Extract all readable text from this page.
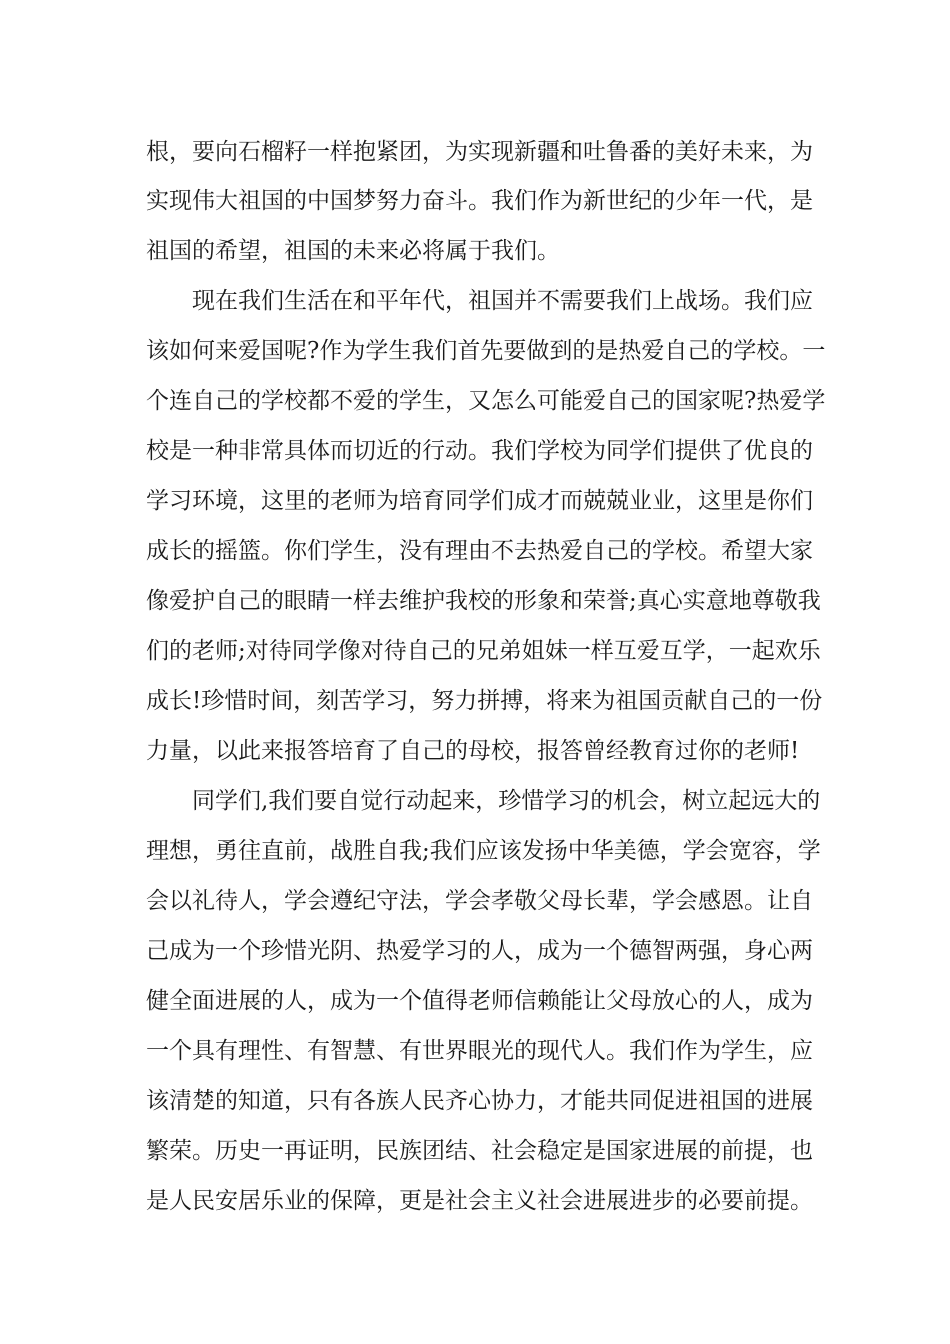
根，要向石榴籽一样抱紧团，为实现新疆和吐鲁番的美好未来，为
实现伟大祖国的中国梦努力奋斗。我们作为新世纪的少年一代，是
祖国的希望，祖国的未来必将属于我们。
现在我们生活在和平年代，祖国并不需要我们上战场。我们应
该如何来爱国呢?作为学生我们首先要做到的是热爱自己的学校。一
个连自己的学校都不爱的学生，又怎么可能爱自己的国家呢?热爱学
校是一种非常具体而切近的行动。我们学校为同学们提供了优良的
学习环境，这里的老师为培育同学们成才而兢兢业业，这里是你们
成长的摇篮。你们学生，没有理由不去热爱自己的学校。希望大家
像爱护自己的眼睛一样去维护我校的形象和荣誉;真心实意地尊敬我
们的老师;对待同学像对待自己的兄弟姐妹一样互爱互学，一起欢乐
成长!珍惜时间，刻苦学习，努力拼搏，将来为祖国贡献自己的一份
力量，以此来报答培育了自己的母校，报答曾经教育过你的老师!
同学们,我们要自觉行动起来，珍惜学习的机会，树立起远大的
理想，勇往直前，战胜自我;我们应该发扬中华美德，学会宽容，学
会以礼待人，学会遵纪守法，学会孝敬父母长辈，学会感恩。让自
己成为一个珍惜光阴、热爱学习的人，成为一个德智两强，身心两
健全面进展的人，成为一个值得老师信赖能让父母放心的人，成为
一个具有理性、有智慧、有世界眼光的现代人。我们作为学生，应
该清楚的知道，只有各族人民齐心协力，才能共同促进祖国的进展
繁荣。历史一再证明，民族团结、社会稳定是国家进展的前提，也
是人民安居乐业的保障，更是社会主义社会进展进步的必要前提。
